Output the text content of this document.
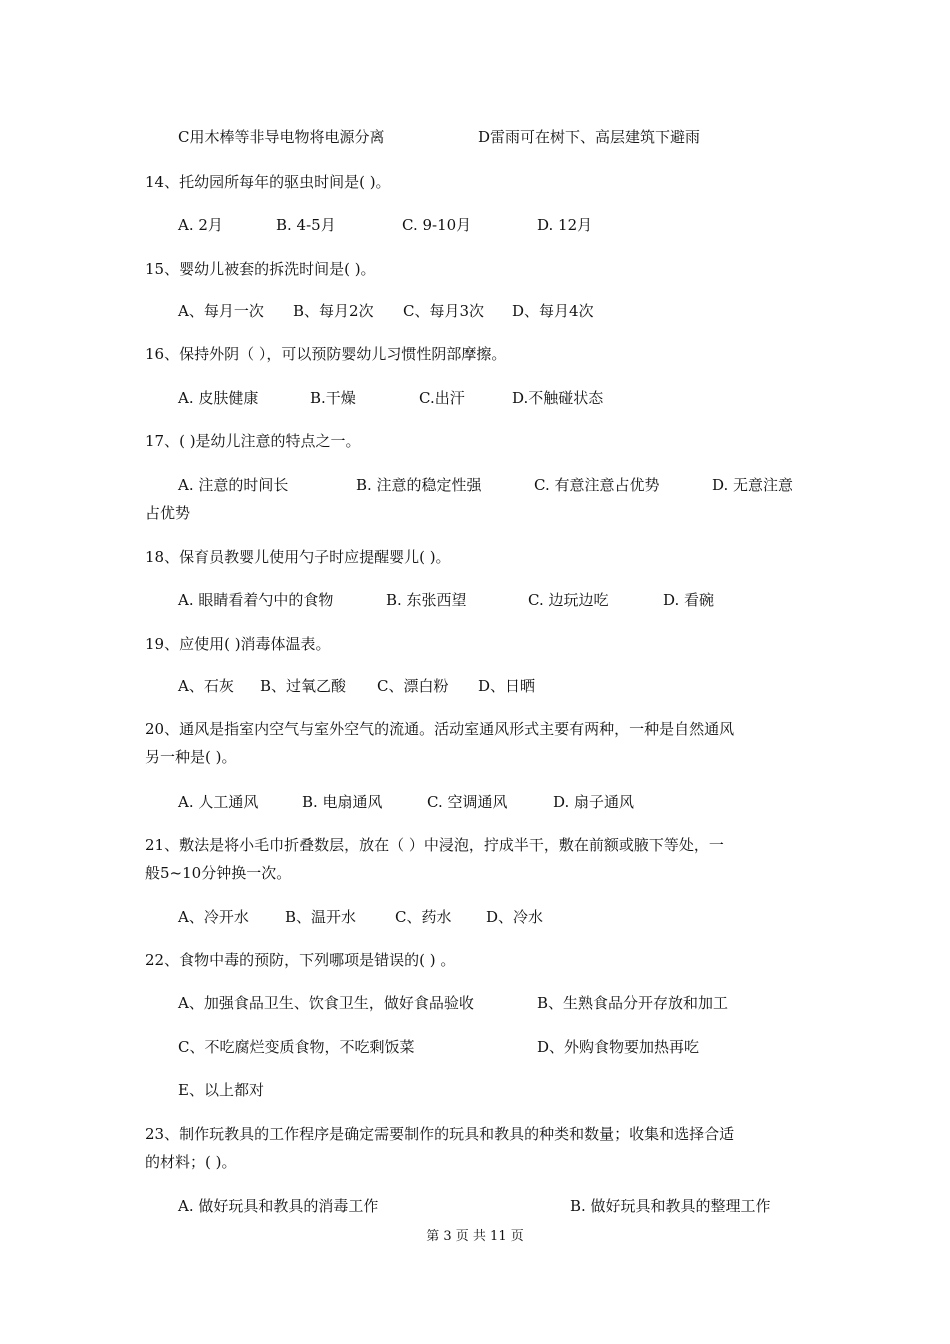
C用木棒等非导电物将电源分离	D雷雨可在树下、高层建筑下避雨
14、托幼园所每年的驱虫时间是( )。
A. 2月	B. 4-5月	C. 9-10月	D. 12月
15、婴幼儿被套的拆洗时间是( )。
A、每月一次 B、每月2次 C、每月3次 D、每月4次
16、保持外阴（ ），可以预防婴幼儿习惯性阴部摩擦。
A. 皮肤健康	B.干燥	C.出汗	D.不触碰状态
17、( )是幼儿注意的特点之一。
A. 注意的时间长	B. 注意的稳定性强	C. 有意注意占优势	D. 无意注意
占优势
18、保育员教婴儿使用勺子时应提醒婴儿( )。
A. 眼睛看着勺中的食物	B. 东张西望	C. 边玩边吃	D. 看碗
19、应使用( )消毒体温表。
A、石灰 B、过氧乙酸 C、漂白粉 D、日晒
20、通风是指室内空气与室外空气的流通。活动室通风形式主要有两种，一种是自然通风
另一种是( )。
A. 人工通风	B. 电扇通风	C. 空调通风	D. 扇子通风
21、敷法是将小毛巾折叠数层，放在（ ）中浸泡，拧成半干，敷在前额或腋下等处，一
般5~10分钟换一次。
A、冷开水 B、温开水	C、药水 D、冷水
22、食物中毒的预防，下列哪项是错误的( ) 。
A、加强食品卫生、饮食卫生，做好食品验收	B、生熟食品分开存放和加工
C、不吃腐烂变质食物，不吃剩饭菜	D、外购食物要加热再吃
E、以上都对
23、制作玩教具的工作程序是确定需要制作的玩具和教具的种类和数量；收集和选择合适
的材料；( )。
A. 做好玩具和教具的消毒工作	B. 做好玩具和教具的整理工作
第 3 页 共 11 页
